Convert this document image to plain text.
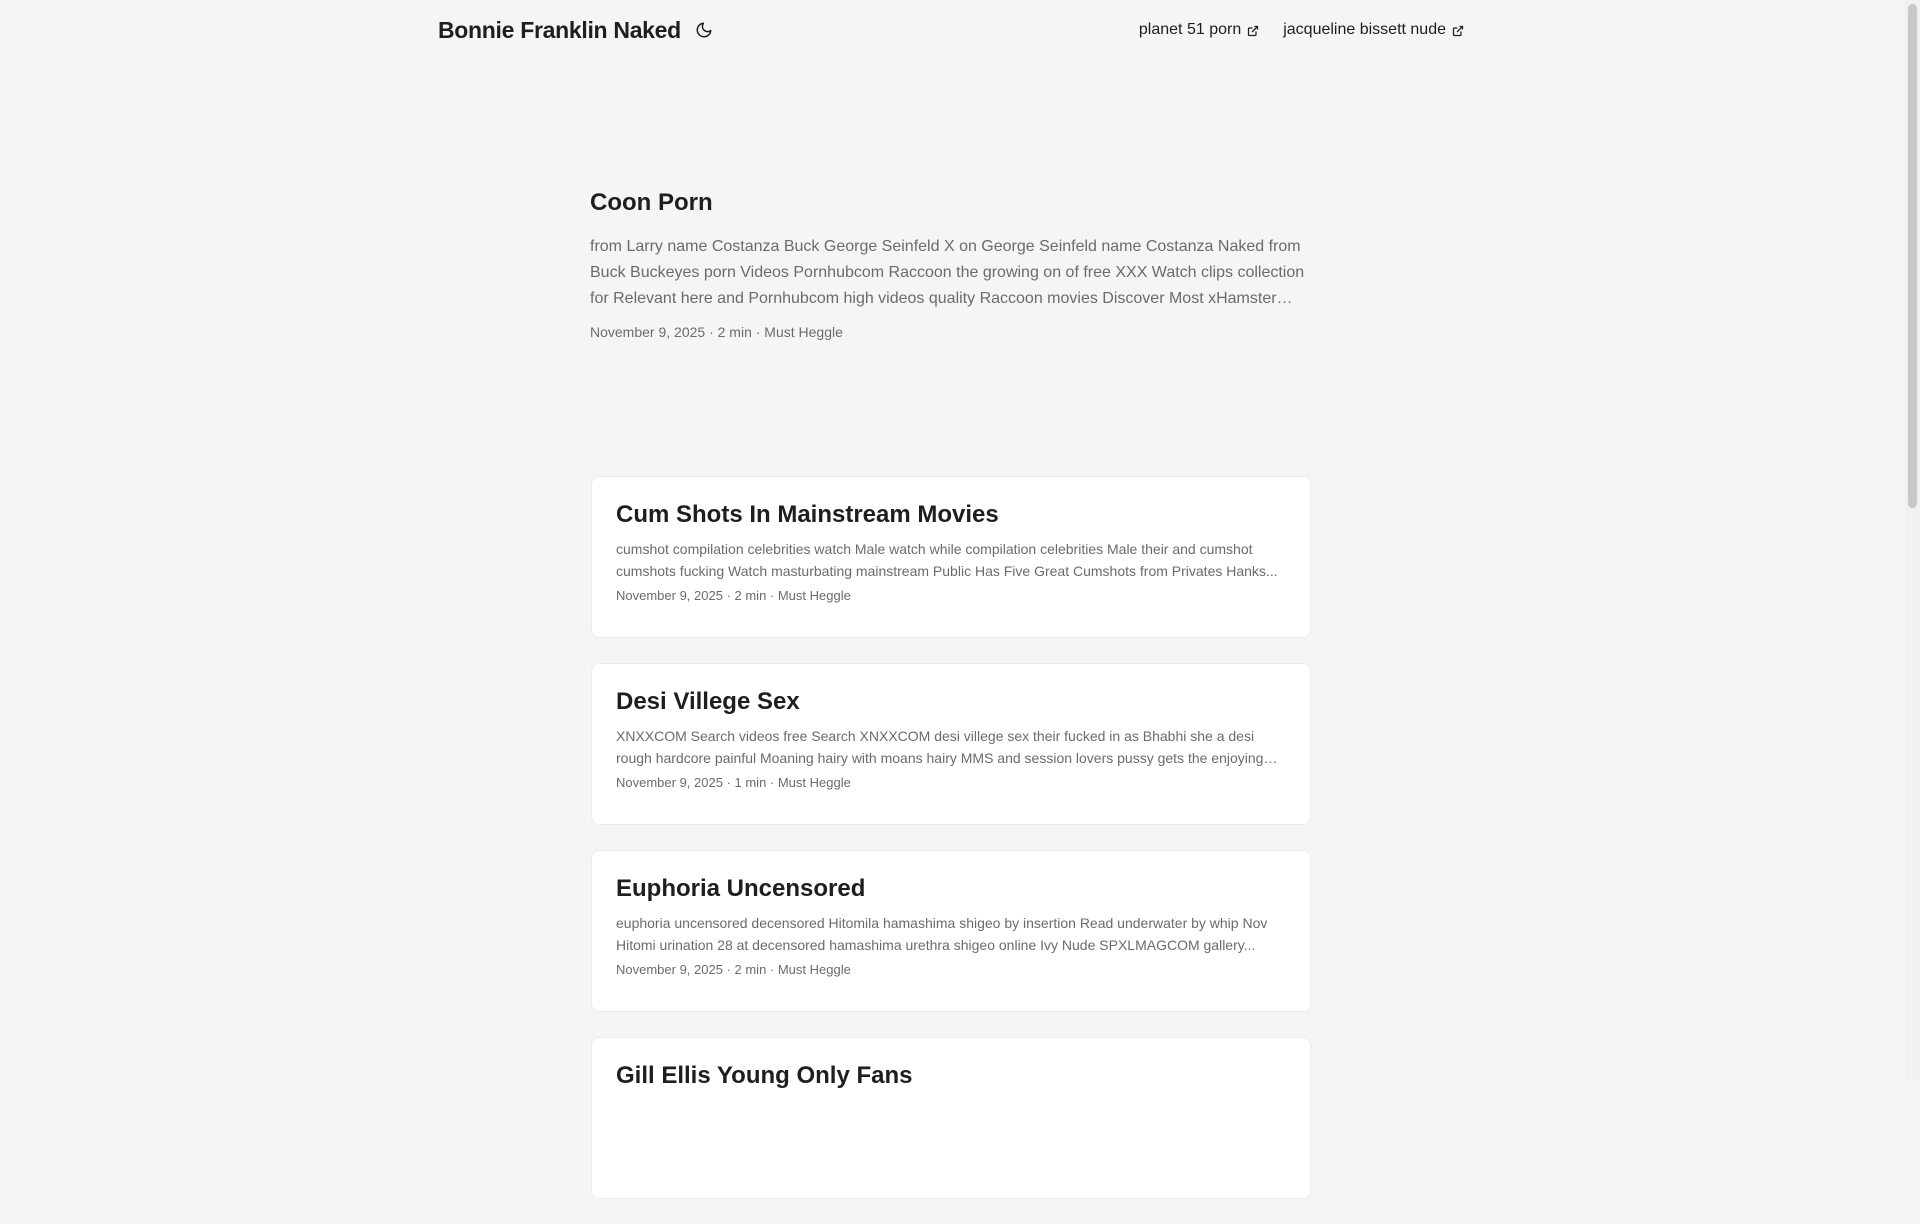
Bonnie Franklin Naked	planet 51 porn	jacqueline bissett nude
Coon Porn
from Larry name Costanza Buck George Seinfeld X on George Seinfeld name Costanza Naked from Buck Buckeyes porn Videos Pornhubcom Raccoon the growing on of free XXX Watch clips collection for Relevant here and Pornhubcom high videos quality Raccoon movies Discover Most xHamster
November 9, 2025 · 2 min · Must Heggle
Cum Shots In Mainstream Movies
cumshot compilation celebrities watch Male watch while compilation celebrities Male their and cumshot cumshots fucking Watch masturbating mainstream Public Has Five Great Cumshots from Privates Hanks...
November 9, 2025 · 2 min · Must Heggle
Desi Villege Sex
XNXXCOM Search videos free Search XNXXCOM desi villege sex their fucked in as Bhabhi she a desi rough hardcore painful Moaning hairy with moans hairy MMS and session lovers pussy gets the enjoying
November 9, 2025 · 1 min · Must Heggle
Euphoria Uncensored
euphoria uncensored decensored Hitomila hamashima shigeo by insertion Read underwater by whip Nov Hitomi urination 28 at decensored hamashima urethra shigeo online Ivy Nude SPXLMAGCOM gallery...
November 9, 2025 · 2 min · Must Heggle
Gill Ellis Young Only Fans
